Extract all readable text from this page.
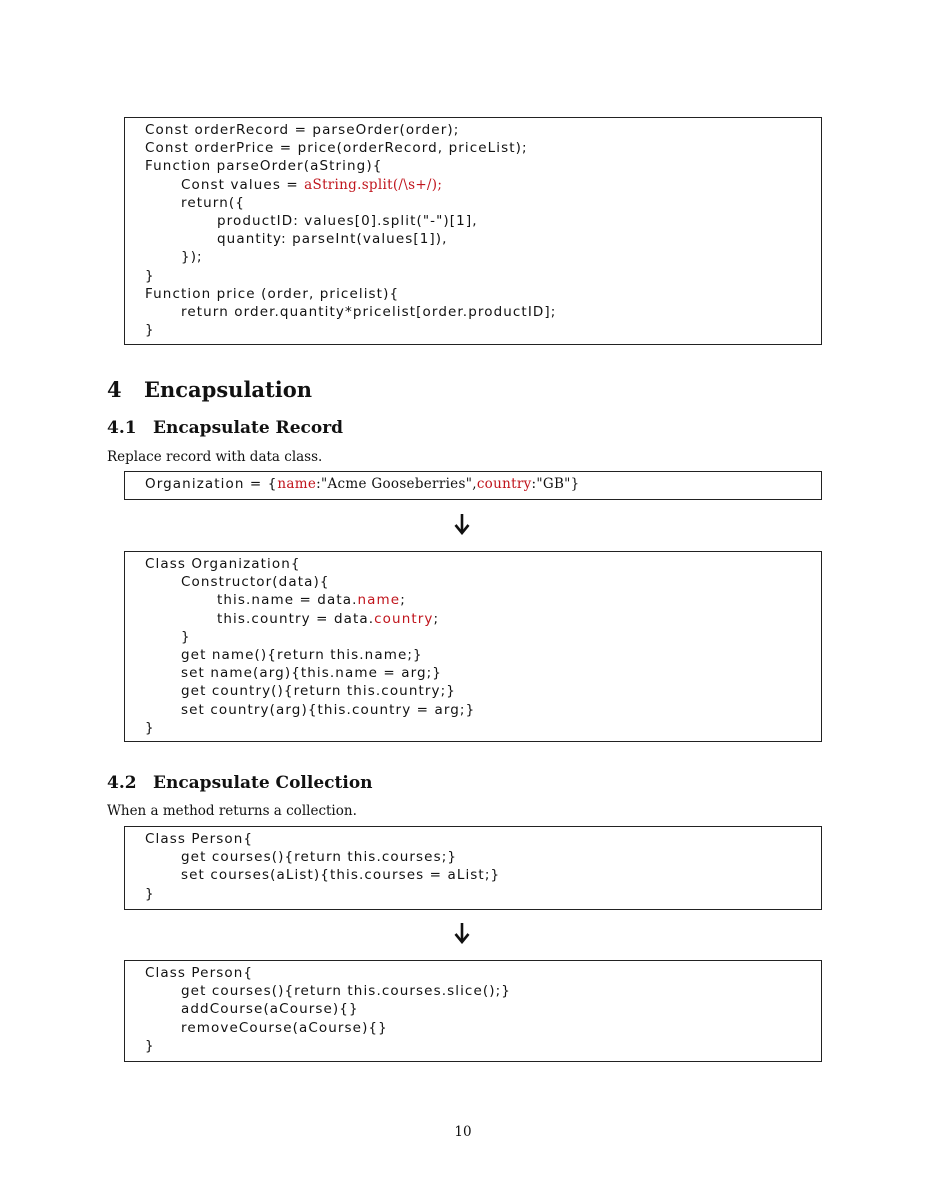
Const orderRecord = parseOrder(order);
Const orderPrice = price(orderRecord, priceList);
Function parseOrder(aString){
Const values = aString.split(/\s+/);
return({
productID: values[0].split("-")[1],
quantity: parseInt(values[1]),
});
}
Function price (order, pricelist){
return order.quantity*pricelist[order.productID];
}
4 Encapsulation
4.1 Encapsulate Record

Replace record with data class.

Organization = {name:"Acme Gooseberries",country:"GB"}
Class Organization{
Constructor(data){
this.name = data.name;
this.country = data.country;
}
get name(){return this.name;}
set name(arg){this.name = arg;}
get country(){return this.country;}
set country(arg){this.country = arg;}
}
4.2 Encapsulate Collection

When a method returns a collection.

Class Person{
get courses(){return this.courses;}
set courses(aList){this.courses = aList;}
}
Class Person{
get courses(){return this.courses.slice();}
addCourse(aCourse){}
removeCourse(aCourse){}
}
10
